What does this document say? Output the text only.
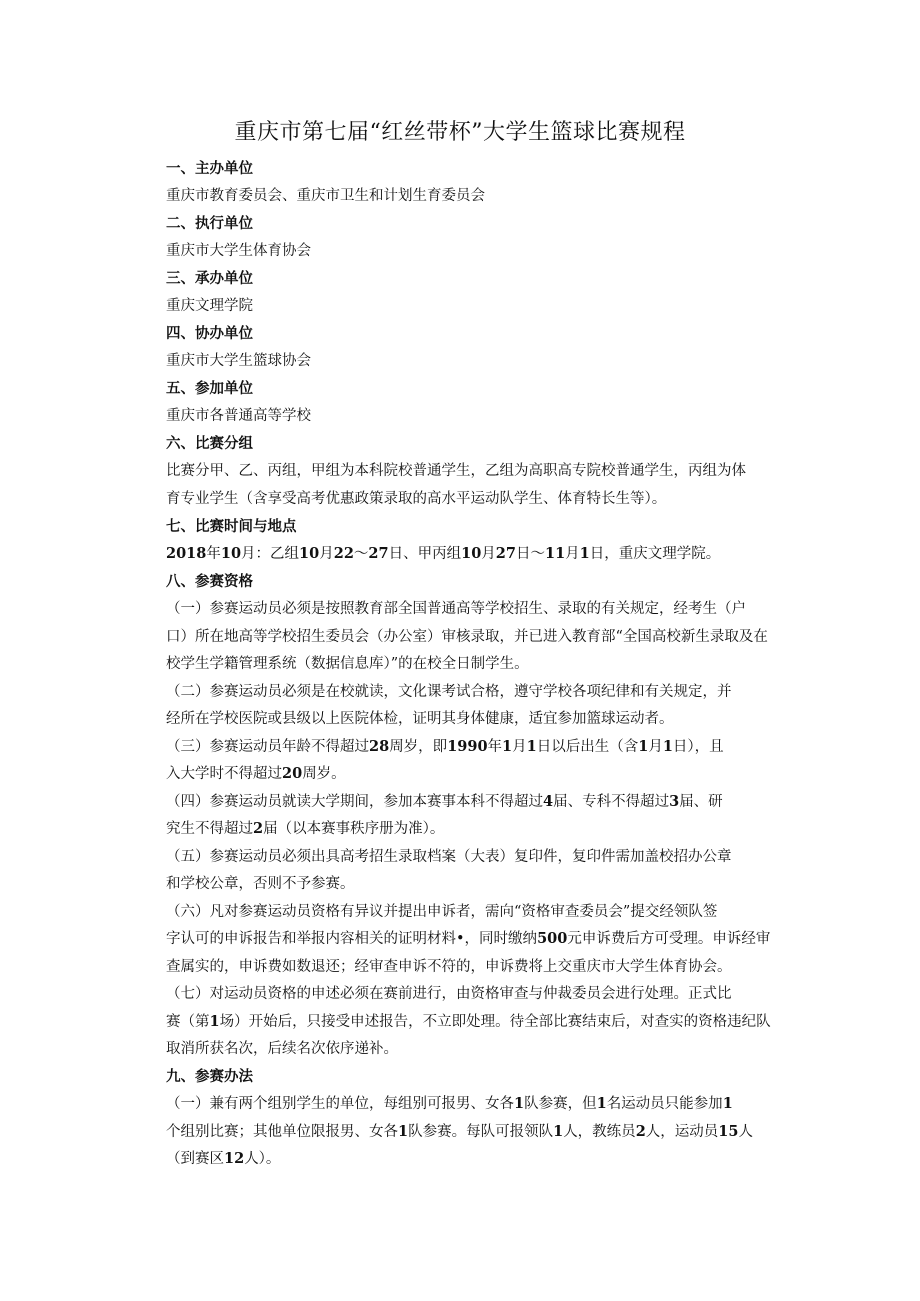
重庆市第七届“红丝带杯”大学生篮球比赛规程
一、主办单位
重庆市教育委员会、重庆市卫生和计划生育委员会
二、执行单位
重庆市大学生体育协会
三、承办单位
重庆文理学院
四、协办单位
重庆市大学生篮球协会
五、参加单位
重庆市各普通高等学校
六、比赛分组
比赛分甲、乙、丙组，甲组为本科院校普通学生，乙组为高职高专院校普通学生，丙组为体
育专业学生（含享受高考优惠政策录取的高水平运动队学生、体育特长生等）。
七、比赛时间与地点
2018年10月：乙组10月22～27日、甲丙组10月27日～11月1日，重庆文理学院。
八、参赛资格
（一）参赛运动员必须是按照教育部全国普通高等学校招生、录取的有关规定，经考生（户
口）所在地高等学校招生委员会（办公室）审核录取，并已进入教育部“全国高校新生录取及在
校学生学籍管理系统（数据信息库）”的在校全日制学生。
（二）参赛运动员必须是在校就读，文化课考试合格，遵守学校各项纪律和有关规定，并
经所在学校医院或县级以上医院体检，证明其身体健康，适宜参加篮球运动者。
（三）参赛运动员年龄不得超过28周岁，即1990年1月1日以后出生（含1月1日），且
入大学时不得超过20周岁。
（四）参赛运动员就读大学期间，参加本赛事本科不得超过4届、专科不得超过3届、研
究生不得超过2届（以本赛事秩序册为准）。
（五）参赛运动员必须出具高考招生录取档案（大表）复印件，复印件需加盖校招办公章
和学校公章，否则不予参赛。
（六）凡对参赛运动员资格有异议并提出申诉者，需向“资格审查委员会”提交经领队签
字认可的申诉报告和举报内容相关的证明材料•，同时缴纳500元申诉费后方可受理。申诉经审
查属实的，申诉费如数退还；经审查申诉不符的，申诉费将上交重庆市大学生体育协会。
（七）对运动员资格的申述必须在赛前进行，由资格审查与仲裁委员会进行处理。正式比
赛（第1场）开始后，只接受申述报告，不立即处理。待全部比赛结束后，对查实的资格违纪队
取消所获名次，后续名次依序递补。
九、参赛办法
（一）兼有两个组别学生的单位，每组别可报男、女各1队参赛，但1名运动员只能参加1
个组别比赛；其他单位限报男、女各1队参赛。每队可报领队1人，教练员2人，运动员15人
（到赛区12人）。
